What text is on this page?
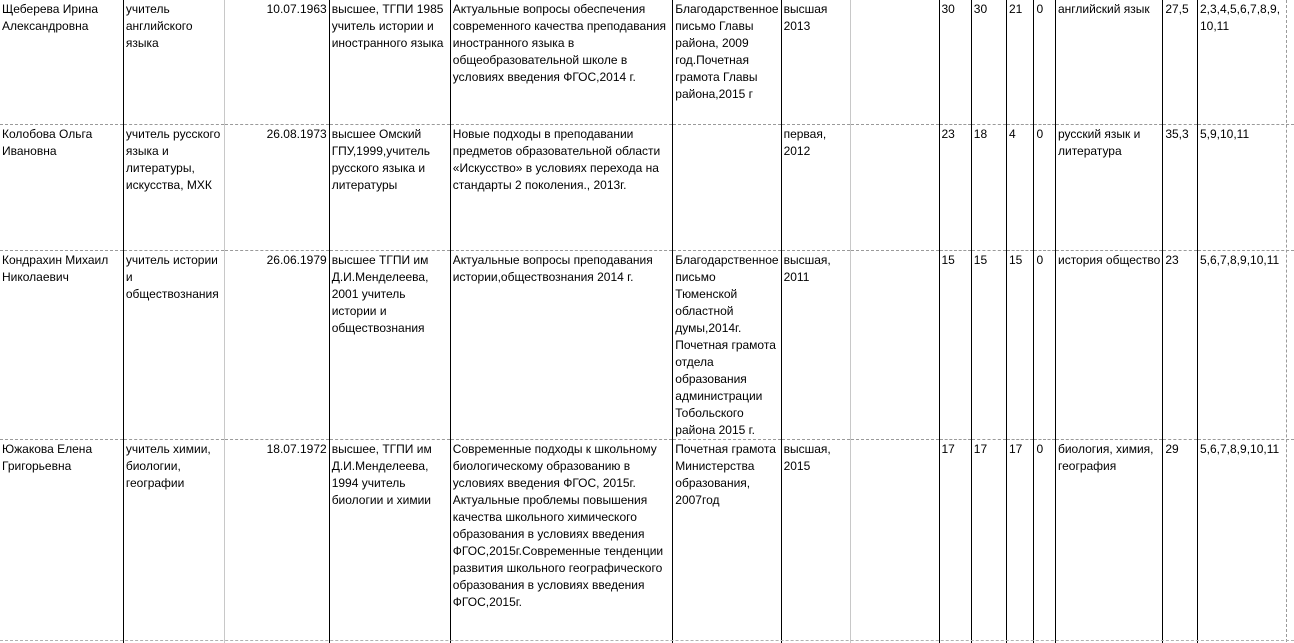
Щеберева Ирина Александровна	учитель английского языка	10.07.1963	высшее, ТГПИ 1985 учитель истории и иностранного языка	Актуальные вопросы обеспечения современного качества преподавания иностранного языка в общеобразовательной школе в условиях введения ФГОС,2014 г.	Благодарственное письмо Главы района, 2009 год.Почетная грамота Главы района,2015 г	высшая 2013		30	30	21	0	английский язык	27,5	2,3,4,5,6,7,8,9, 10,11
Колобова Ольга Ивановна	учитель русского языка и литературы, искусства, МХК	26.08.1973	высшее Омский ГПУ,1999,учитель русского языка и литературы	Новые подходы в преподавании предметов образовательной области «Искусство» в условиях перехода на стандарты 2 поколения., 2013г.		первая, 2012		23	18	4	0	русский язык и литература	35,3	5,9,10,11
Кондрахин Михаил Николаевич	учитель истории и обществознания	26.06.1979	высшее ТГПИ им Д.И.Менделеева, 2001 учитель истории и обществознания	Актуальные вопросы преподавания истории,обществознания 2014 г.	Благодарственное письмо Тюменской областной думы,2014г. Почетная грамота отдела образования администрации Тобольского района 2015 г.	высшая, 2011		15	15	15	0	история общество	23	5,6,7,8,9,10,11
Южакова Елена Григорьевна	учитель химии, биологии, географии	18.07.1972	высшее, ТГПИ им Д.И.Менделеева, 1994 учитель биологии и химии	Современные подходы к школьному биологическому образованию в условиях введения ФГОС, 2015г. Актуальные проблемы повышения качества школьного химического образования в условиях введения ФГОС,2015г.Современные тенденции развития школьного географического образования в условиях введения ФГОС,2015г.	Почетная грамота Министерства образования, 2007год	высшая, 2015		17	17	17	0	биология, химия, география	29	5,6,7,8,9,10,11
